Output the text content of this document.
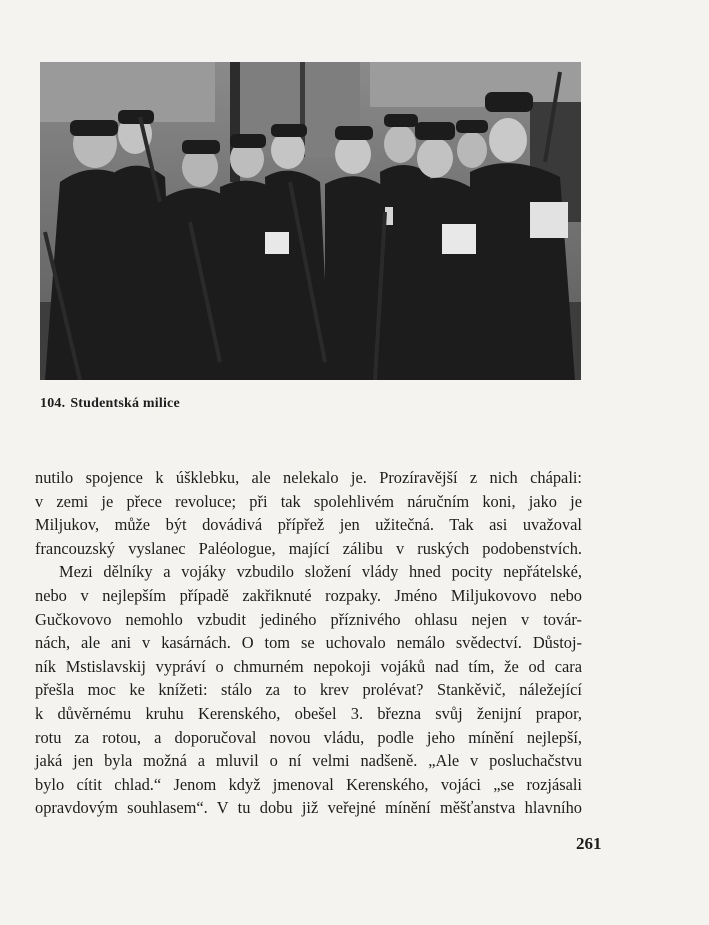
104. Studentská milice
nutilo spojence k úšklebku, ale nelekalo je. Prozíravější z nich chápali:
v zemi je přece revoluce; při tak spolehlivém náručním koni, jako je
Miljukov, může být dovádivá přípřež jen užitečná. Tak asi uvažoval
francouzský vyslanec Paléologue, mající zálibu v ruských podobenstvích.
Mezi dělníky a vojáky vzbudilo složení vlády hned pocity nepřátelské,
nebo v nejlepším případě zakřiknuté rozpaky. Jméno Miljukovovo nebo
Gučkovovo nemohlo vzbudit jediného příznivého ohlasu nejen v továr-
nách, ale ani v kasárnách. O tom se uchovalo nemálo svědectví. Důstoj-
ník Mstislavskij vypráví o chmurném nepokoji vojáků nad tím, že od cara
přešla moc ke knížeti: stálo za to krev prolévat? Stankěvič, náležející
k důvěrnému kruhu Kerenského, obešel 3. března svůj ženijní prapor,
rotu za rotou, a doporučoval novou vládu, podle jeho mínění nejlepší,
jaká jen byla možná a mluvil o ní velmi nadšeně. „Ale v posluchačstvu
bylo cítit chlad.“ Jenom když jmenoval Kerenského, vojáci „se rozjásali
opravdovým souhlasem“. V tu dobu již veřejné mínění měšťanstva hlavního
261
